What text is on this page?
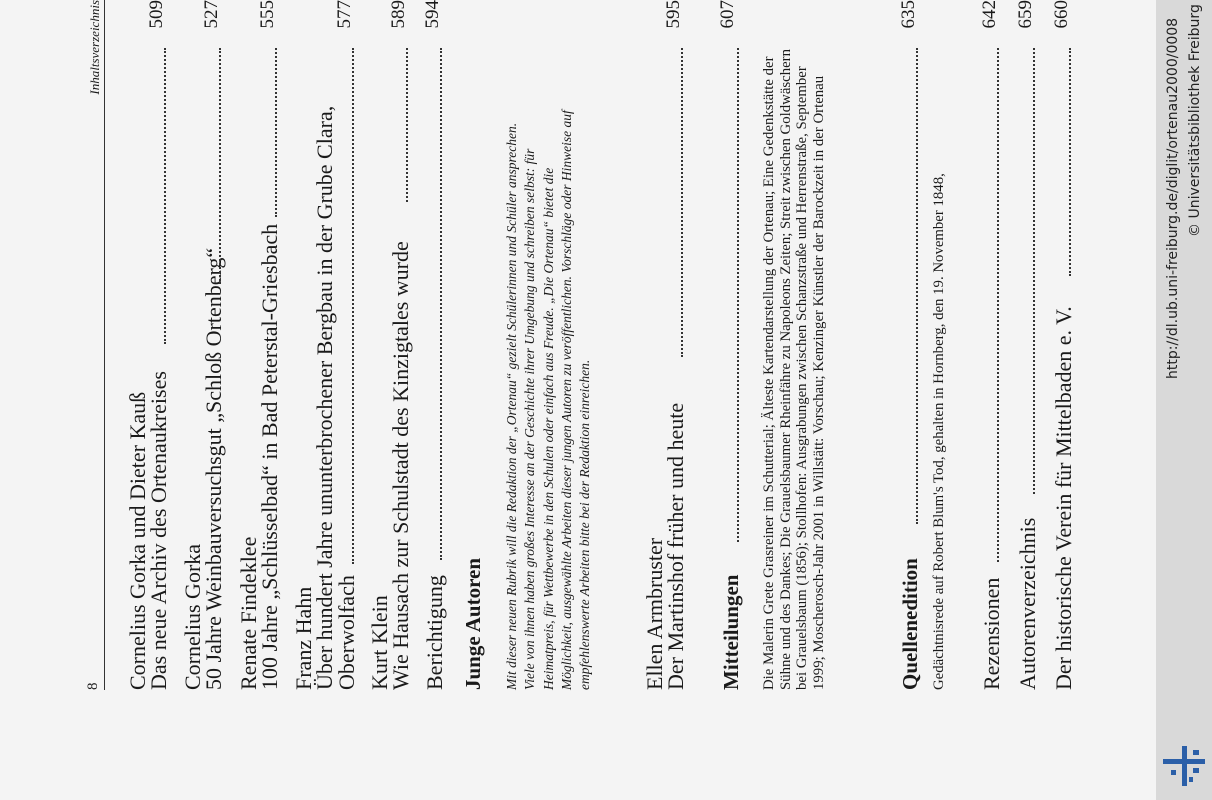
8
Inhaltsverzeichnis
Cornelius Gorka und Dieter Kauß
Das neue Archiv des Ortenaukreises
509
Cornelius Gorka
50 Jahre Weinbauversuchsgut „Schloß Ortenberg“
527
Renate Findeklee
100 Jahre „Schlüsselbad“ in Bad Peterstal-Griesbach
555
Franz Hahn
Über hundert Jahre ununterbrochener Bergbau in der Grube Clara,
Oberwolfach
577
Kurt Klein
Wie Hausach zur Schulstadt des Kinzigtales wurde
589
Berichtigung
594
Junge Autoren Mit dieser neuen Rubrik will die Redaktion der „Ortenau“ gezielt Schülerinnen und Schüler ansprechen. Viele von ihnen haben großes Interesse an der Geschichte ihrer Umgebung und schreiben selbst: für Heimatpreis, für Wettbewerbe in den Schulen oder einfach aus Freude. „Die Ortenau“ bietet die Möglichkeit, ausgewählte Arbeiten dieser jungen Autoren zu veröffentlichen. Vorschläge oder Hinweise auf empfehlenswerte Arbeiten bitte bei der Redaktion einreichen. Ellen Armbruster
Der Martinshof früher und heute
595
Mitteilungen
607
Die Malerin Grete Grasreiner im Schutterial; Älteste Kartendarstellung der Ortenau; Eine Gedenkstätte der Sühne und des Dankes; Die Grauelsbaumer Rheinfähre zu Napoleons Zeiten; Streit zwischen Goldwäschern bei Grauelsbaum (1856); Stollhofen: Ausgrabungen zwischen Schanzstraße und Herrenstraße, September 1999; Moscherosch-Jahr 2001 in Willstätt: Vorschau; Kenzinger Künstler der Barockzeit in der Ortenau	Quellenedition
635
Gedächtnisrede auf Robert Blum's Tod, gehalten in Hornberg, den 19. November 1848, Rezensionen
642
Autorenverzeichnis
659
Der historische Verein für Mittelbaden e. V.
660
http://dl.ub.uni-freiburg.de/diglit/ortenau2000/0008 © Universitätsbibliothek Freiburg
